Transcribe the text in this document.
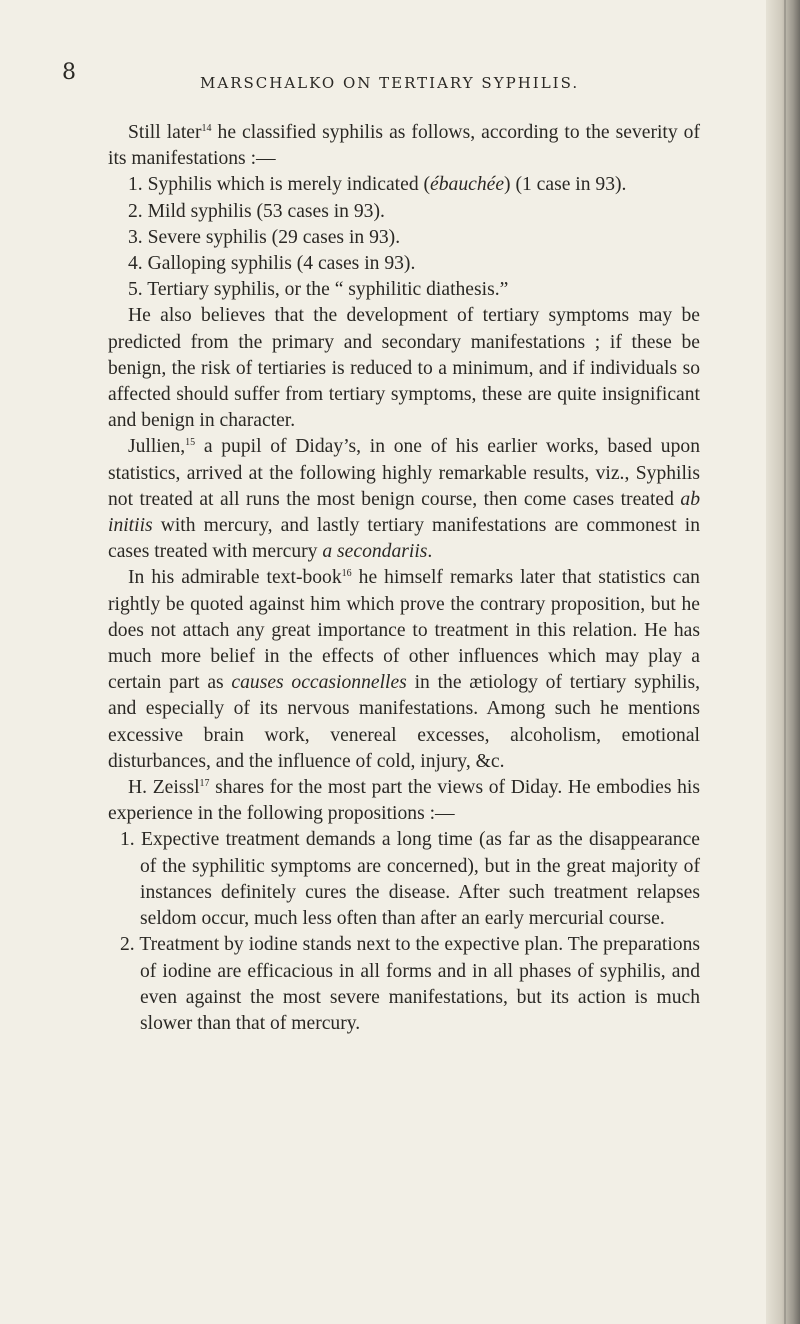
8	MARSCHALKO ON TERTIARY SYPHILIS.

Still later$^{14}$ he classified syphilis as follows, according to the severity of its manifestations :—

1. Syphilis which is merely indicated (ébauchée) (1 case in 93).
2. Mild syphilis (53 cases in 93).
3. Severe syphilis (29 cases in 93).
4. Galloping syphilis (4 cases in 93).
5. Tertiary syphilis, or the “ syphilitic diathesis.”

He also believes that the development of tertiary symptoms may be predicted from the primary and secondary manifestations ; if these be benign, the risk of tertiaries is reduced to a minimum, and if individuals so affected should suffer from tertiary symptoms, these are quite insignificant and benign in character.

Jullien,$^{15}$ a pupil of Diday’s, in one of his earlier works, based upon statistics, arrived at the following highly remarkable results, viz., Syphilis not treated at all runs the most benign course, then come cases treated ab initiis with mercury, and lastly tertiary manifestations are commonest in cases treated with mercury a secondariis.

In his admirable text-book$^{16}$ he himself remarks later that statistics can rightly be quoted against him which prove the contrary proposition, but he does not attach any great importance to treatment in this relation. He has much more belief in the effects of other influences which may play a certain part as causes occasionnelles in the ætiology of tertiary syphilis, and especially of its nervous manifestations. Among such he mentions excessive brain work, venereal excesses, alcoholism, emotional disturbances, and the influence of cold, injury, &c.

H. Zeissl$^{17}$ shares for the most part the views of Diday. He embodies his experience in the following propositions :—

1. Expective treatment demands a long time (as far as the disappearance of the syphilitic symptoms are concerned), but in the great majority of instances definitely cures the disease. After such treatment relapses seldom occur, much less often than after an early mercurial course.
2. Treatment by iodine stands next to the expective plan. The preparations of iodine are efficacious in all forms and in all phases of syphilis, and even against the most severe manifestations, but its action is much slower than that of mercury.
